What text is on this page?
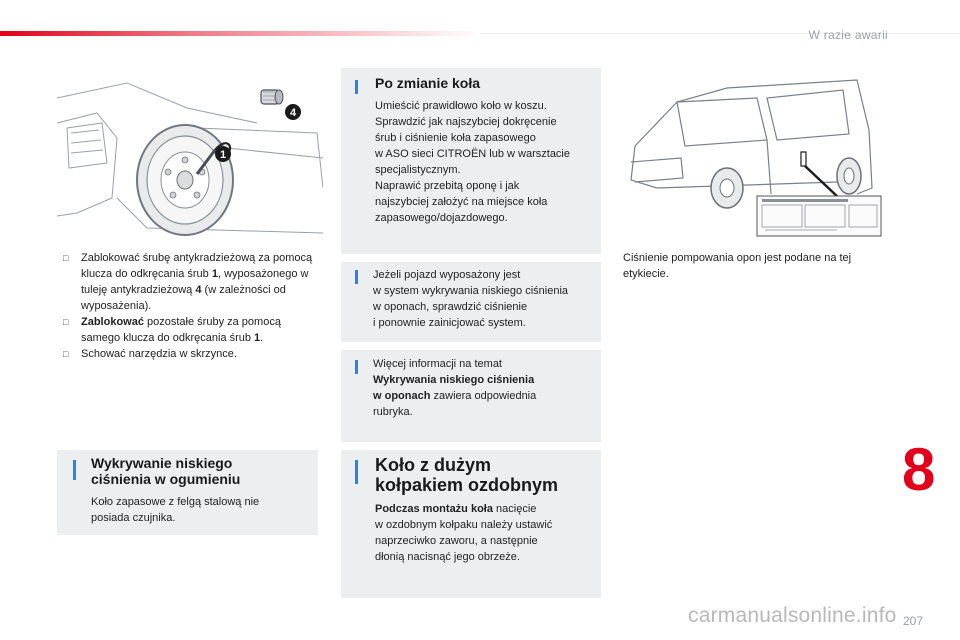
W razie awarii
1
4
□ Zablokować śrubę antykradzieżową za pomocą klucza do odkręcania śrub 1, wyposażonego w tuleję antykradzieżową 4 (w zależności od wyposażenia).
□ Zablokować pozostałe śruby za pomocą samego klucza do odkręcania śrub 1.
□ Schować narzędzia w skrzynce.
Po zmianie koła
Umieścić prawidłowo koło w koszu.
Sprawdzić jak najszybciej dokręcenie
śrub i ciśnienie koła zapasowego
w ASO sieci CITROËN lub w warsztacie
specjalistycznym.
Naprawić przebitą oponę i jak
najszybciej założyć na miejsce koła
zapasowego/dojazdowego.
Jeżeli pojazd wyposażony jest
w system wykrywania niskiego ciśnienia
w oponach, sprawdzić ciśnienie
i ponownie zainicjować system.
Więcej informacji na temat
Wykrywania niskiego ciśnienia
w oponach zawiera odpowiednia
rubryka.
Wykrywanie niskiego
ciśnienia w ogumieniu
Koło zapasowe z felgą stalową nie
posiada czujnika.
Koło z dużym
kołpakiem ozdobnym
Podczas montażu koła nacięcie
w ozdobnym kołpaku należy ustawić
naprzeciwko zaworu, a następnie
dłonią nacisnąć jego obrzeże.
Ciśnienie pompowania opon jest podane na tej
etykiecie.
8
carmanualsonline.info 207
